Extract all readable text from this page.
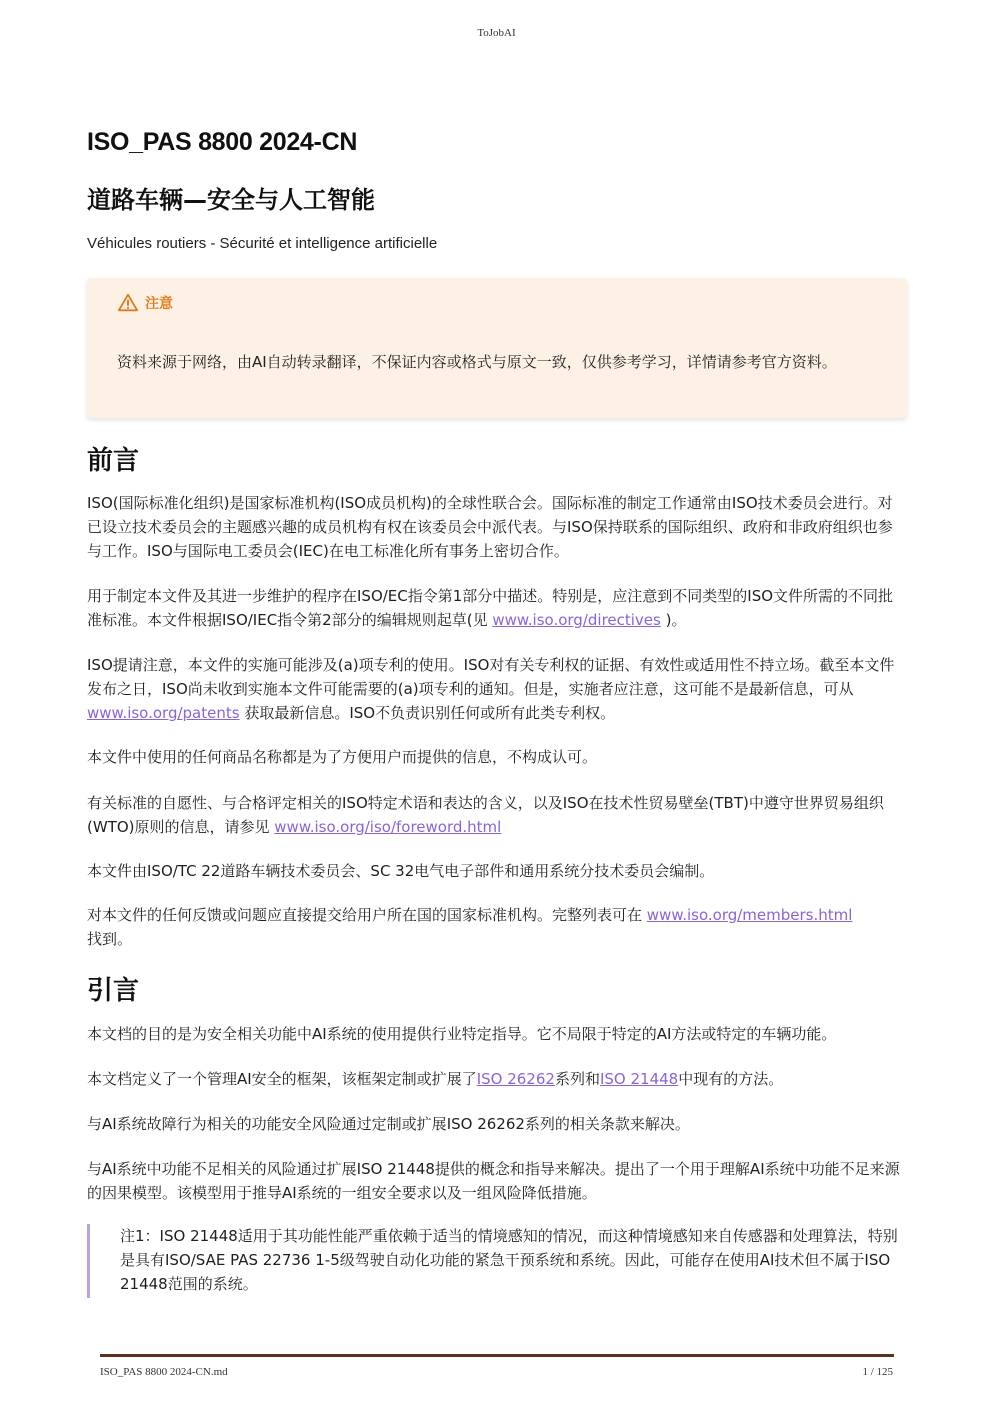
ToJobAI
ISO_PAS 8800 2024-CN
道路车辆—安全与人工智能

Véhicules routiers - Sécurité et intelligence artificielle

注意

资料来源于网络，由AI自动转录翻译，不保证内容或格式与原文一致，仅供参考学习，详情请参考官方资料。

前言

ISO(国际标准化组织)是国家标准机构(ISO成员机构)的全球性联合会。国际标准的制定工作通常由ISO技术委员会进行。对已设立技术委员会的主题感兴趣的成员机构有权在该委员会中派代表。与ISO保持联系的国际组织、政府和非政府组织也参与工作。ISO与国际电工委员会(IEC)在电工标准化所有事务上密切合作。

用于制定本文件及其进一步维护的程序在ISO/EC指令第1部分中描述。特别是，应注意到不同类型的ISO文件所需的不同批准标准。本文件根据ISO/IEC指令第2部分的编辑规则起草(见 www.iso.org/directives )。

ISO提请注意，本文件的实施可能涉及(a)项专利的使用。ISO对有关专利权的证据、有效性或适用性不持立场。截至本文件发布之日，ISO尚未收到实施本文件可能需要的(a)项专利的通知。但是，实施者应注意，这可能不是最新信息，可从 www.iso.org/patents 获取最新信息。ISO不负责识别任何或所有此类专利权。

本文件中使用的任何商品名称都是为了方便用户而提供的信息，不构成认可。

有关标准的自愿性、与合格评定相关的ISO特定术语和表达的含义，以及ISO在技术性贸易壁垒(TBT)中遵守世界贸易组织(WTO)原则的信息，请参见 www.iso.org/iso/foreword.html

本文件由ISO/TC 22道路车辆技术委员会、SC 32电气电子部件和通用系统分技术委员会编制。

对本文件的任何反馈或问题应直接提交给用户所在国的国家标准机构。完整列表可在 www.iso.org/members.html
找到。

引言

本文档的目的是为安全相关功能中AI系统的使用提供行业特定指导。它不局限于特定的AI方法或特定的车辆功能。

本文档定义了一个管理AI安全的框架，该框架定制或扩展了ISO 26262系列和ISO 21448中现有的方法。

与AI系统故障行为相关的功能安全风险通过定制或扩展ISO 26262系列的相关条款来解决。

与AI系统中功能不足相关的风险通过扩展ISO 21448提供的概念和指导来解决。提出了一个用于理解AI系统中功能不足来源的因果模型。该模型用于推导AI系统的一组安全要求以及一组风险降低措施。

注1：ISO 21448适用于其功能性能严重依赖于适当的情境感知的情况，而这种情境感知来自传感器和处理算法，特别是具有ISO/SAE PAS 22736 1-5级驾驶自动化功能的紧急干预系统和系统。因此，可能存在使用AI技术但不属于ISO 21448范围的系统。

ISO_PAS 8800 2024-CN.md	1 / 125
